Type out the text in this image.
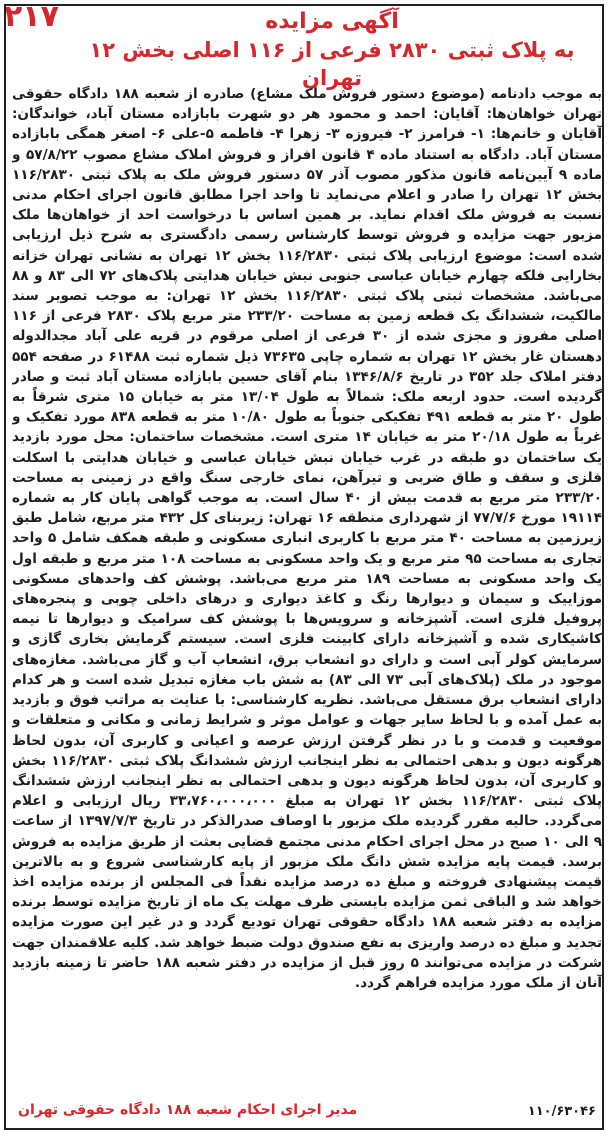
۲۱۷	آگهی مزایده

به پلاک ثبتی ۲۸۳۰ فرعی از ۱۱۶ اصلی بخش ۱۲ تهران

به موجب دادنامه (موضوع دستور فروش ملک مشاع) صادره از شعبه ۱۸۸ دادگاه حقوقی تهران خواهان‌ها: آقایان: احمد و محمود هر دو شهرت بابازاده مستان آباد، خواندگان: آقایان و خانم‌ها: ۱- فرامرز ۲- فیروزه ۳- زهرا ۴- فاطمه ۵-علی ۶- اصغر همگی بابازاده مستان آباد. دادگاه به استناد ماده ۴ قانون افراز و فروش املاک مشاع مصوب ۵۷/۸/۲۲ و ماده ۹ آیین‌نامه قانون مذکور مصوب آذر ۵۷ دستور فروش ملک به پلاک ثبتی ۱۱۶/۲۸۳۰ بخش ۱۲ تهران را صادر و اعلام می‌نماید تا واحد اجرا مطابق قانون اجرای احکام مدنی نسبت به فروش ملک اقدام نماید. بر همین اساس با درخواست احد از خواهان‌ها ملک مزبور جهت مزایده و فروش توسط کارشناس رسمی دادگستری به شرح ذیل ارزیابی شده است: موضوع ارزیابی پلاک ثبتی ۱۱۶/۲۸۳۰ بخش ۱۲ تهران به نشانی تهران خزانه بخارایی فلکه چهارم خیابان عباسی جنوبی نبش خیابان هدایتی پلاک‌های ۷۲ الی ۸۳ و ۸۸ می‌باشد. مشخصات ثبتی پلاک ثبتی ۱۱۶/۲۸۳۰ بخش ۱۲ تهران: به موجب تصویر سند مالکیت، ششدانگ یک قطعه زمین به مساحت ۲۳۳/۲۰ متر مربع پلاک ۲۸۳۰ فرعی از ۱۱۶ اصلی مفروز و مجزی شده از ۳۰ فرعی از اصلی مرقوم در قریه علی آباد مجدالدوله دهستان غار بخش ۱۲ تهران به شماره چاپی ۷۳۶۳۵ ذیل شماره ثبت ۶۱۴۸۸ در صفحه ۵۵۴ دفتر املاک جلد ۳۵۲ در تاریخ ۱۳۴۶/۸/۶ بنام آقای حسین بابازاده مستان آباد ثبت و صادر گردیده است. حدود اربعه ملک: شمالاً به طول ۱۳/۰۴ متر به خیابان ۱۵ متری شرقاً به طول ۲۰ متر به قطعه ۴۹۱ تفکیکی جنوباً به طول ۱۰/۸۰ متر به قطعه ۸۳۸ مورد تفکیک و غرباً به طول ۲۰/۱۸ متر به خیابان ۱۴ متری است. مشخصات ساختمان: محل مورد بازدید یک ساختمان دو طبقه در غرب خیابان نبش خیابان عباسی و خیابان هدایتی با اسکلت فلزی و سقف و طاق ضربی و تیرآهن، نمای خارجی سنگ واقع در زمینی به مساحت ۲۳۳/۲۰ متر مربع به قدمت بیش از ۴۰ سال است. به موجب گواهی پایان کار به شماره ۱۹۱۱۴ مورخ ۷۷/۷/۶ از شهرداری منطقه ۱۶ تهران: زیربنای کل ۴۳۲ متر مربع، شامل طبق زیرزمین به مساحت ۴۰ متر مربع با کاربری انباری مسکونی و طبقه همکف شامل ۵ واحد تجاری به مساحت ۹۵ متر مربع و یک واحد مسکونی به مساحت ۱۰۸ متر مربع و طبقه اول یک واحد مسکونی به مساحت ۱۸۹ متر مربع می‌باشد. پوشش کف واحدهای مسکونی موزاییک و سیمان و دیوارها رنگ و کاغذ دیواری و درهای داخلی چوبی و پنجره‌های پروفیل فلزی است. آشپزخانه و سرویس‌ها با پوشش کف سرامیک و دیوارها تا نیمه کاشیکاری شده و آشپزخانه دارای کابینت فلزی است. سیستم گرمایش بخاری گازی و سرمایش کولر آبی است و دارای دو انشعاب برق، انشعاب آب و گاز می‌باشد. مغازه‌های موجود در ملک (پلاک‌های آبی ۷۳ الی ۸۳) به شش باب مغازه تبدیل شده است و هر کدام دارای انشعاب برق مستقل می‌باشد. نظریه کارشناسی: با عنایت به مراتب فوق و بازدید به عمل آمده و با لحاظ سایر جهات و عوامل موثر و شرایط زمانی و مکانی و متعلقات و موقعیت و قدمت و با در نظر گرفتن ارزش عرصه و اعیانی و کاربری آن، بدون لحاظ هرگونه دیون و بدهی احتمالی به نظر اینجانب ارزش ششدانگ پلاک ثبتی ۱۱۶/۲۸۳۰ بخش و کاربری آن، بدون لحاظ هرگونه دیون و بدهی احتمالی به نظر اینجانب ارزش ششدانگ پلاک ثبتی ۱۱۶/۲۸۳۰ بخش ۱۲ تهران به مبلغ ۳۳،۷۶۰،۰۰۰،۰۰۰ ریال ارزیابی و اعلام می‌گردد. حالیه مقرر گردیده ملک مزبور با اوصاف صدرالذکر در تاریخ ۱۳۹۷/۷/۳ از ساعت ۹ الی ۱۰ صبح در محل اجرای احکام مدنی مجتمع قضایی بعثت از طریق مزایده به فروش برسد. قیمت پایه مزایده شش دانگ ملک مزبور از پایه کارشناسی شروع و به بالاترین قیمت پیشنهادی فروخته و مبلغ ده درصد مزایده نقداً فی المجلس از برنده مزایده اخذ خواهد شد و الباقی ثمن مزایده بایستی ظرف مهلت یک ماه از تاریخ مزایده توسط برنده مزایده به دفتر شعبه ۱۸۸ دادگاه حقوقی تهران تودیع گردد و در غیر این صورت مزایده تجدید و مبلغ ده درصد واریزی به نفع صندوق دولت ضبط خواهد شد. کلیه علاقمندان جهت شرکت در مزایده می‌توانند ۵ روز قبل از مزایده در دفتر شعبه ۱۸۸ حاضر تا زمینه بازدید آنان از ملک مورد مزایده فراهم گردد.

۱۱۰/۶۳۰۴۶
مدیر اجرای احکام شعبه ۱۸۸ دادگاه حقوقی تهران
